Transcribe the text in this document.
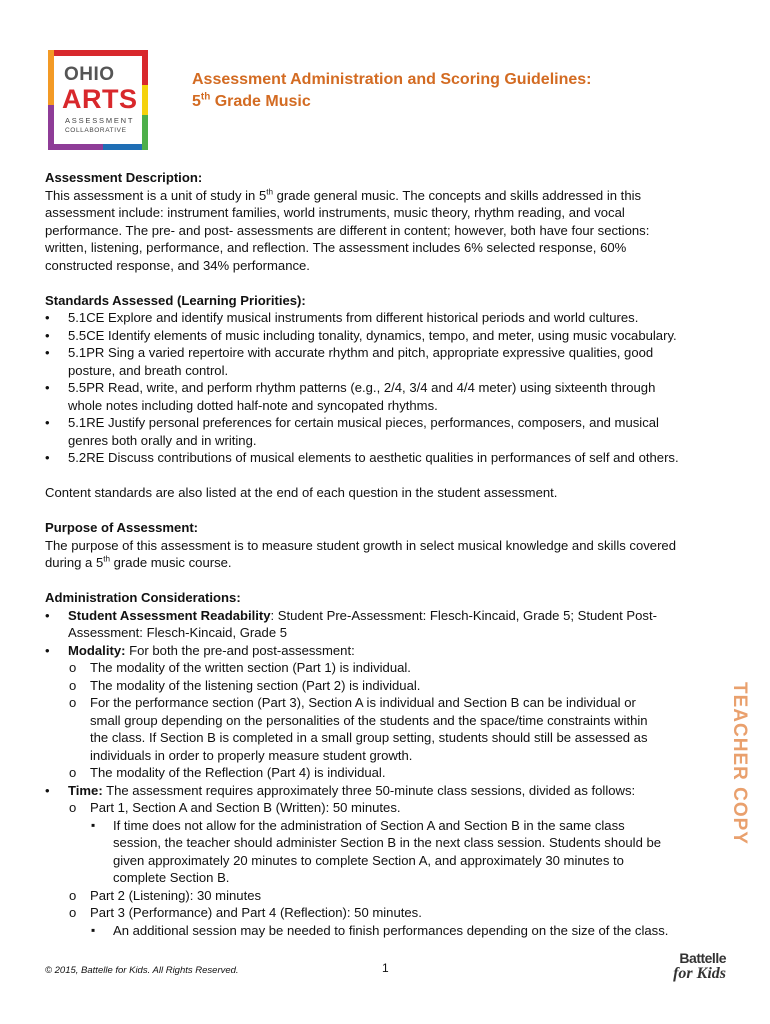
OHIO
ARTS
ASSESSMENT
COLLABORATIVE
Assessment Administration and Scoring Guidelines:
5th Grade Music

Assessment Description:

This assessment is a unit of study in 5th grade general music. The concepts and skills addressed in this

assessment include: instrument families, world instruments, music theory, rhythm reading, and vocal

performance. The pre- and post- assessments are different in content; however, both have four sections:

written, listening, performance, and reflection. The assessment includes 6% selected response, 60%

constructed response, and 34% performance.

Standards Assessed (Learning Priorities):

• 5.1CE Explore and identify musical instruments from different historical periods and world cultures.
• 5.5CE Identify elements of music including tonality, dynamics, tempo, and meter, using music vocabulary.
• 5.1PR Sing a varied repertoire with accurate rhythm and pitch, appropriate expressive qualities, good
posture, and breath control.
• 5.5PR Read, write, and perform rhythm patterns (e.g., 2/4, 3/4 and 4/4 meter) using sixteenth through
whole notes including dotted half-note and syncopated rhythms.
• 5.1RE Justify personal preferences for certain musical pieces, performances, composers, and musical
genres both orally and in writing.
• 5.2RE Discuss contributions of musical elements to aesthetic qualities in performances of self and others.

Content standards are also listed at the end of each question in the student assessment.

Purpose of Assessment:

The purpose of this assessment is to measure student growth in select musical knowledge and skills covered

during a 5th grade music course.

Administration Considerations:

• Student Assessment Readability: Student Pre-Assessment: Flesch-Kincaid, Grade 5; Student Post-
Assessment: Flesch-Kincaid, Grade 5
• Modality: For both the pre-and post-assessment:
o The modality of the written section (Part 1) is individual.
o The modality of the listening section (Part 2) is individual.
o For the performance section (Part 3), Section A is individual and Section B can be individual or
small group depending on the personalities of the students and the space/time constraints within
the class. If Section B is completed in a small group setting, students should still be assessed as
individuals in order to properly measure student growth.
o The modality of the Reflection (Part 4) is individual.
• Time: The assessment requires approximately three 50-minute class sessions, divided as follows:
o Part 1, Section A and Section B (Written): 50 minutes.
▪ If time does not allow for the administration of Section A and Section B in the same class
session, the teacher should administer Section B in the next class session. Students should be
given approximately 20 minutes to complete Section A, and approximately 30 minutes to
complete Section B.
o Part 2 (Listening): 30 minutes
o Part 3 (Performance) and Part 4 (Reflection): 50 minutes.
▪ An additional session may be needed to finish performances depending on the size of the class.
TEACHER COPY
© 2015, Battelle for Kids. All Rights Reserved.	1
Battelle
for Kids
